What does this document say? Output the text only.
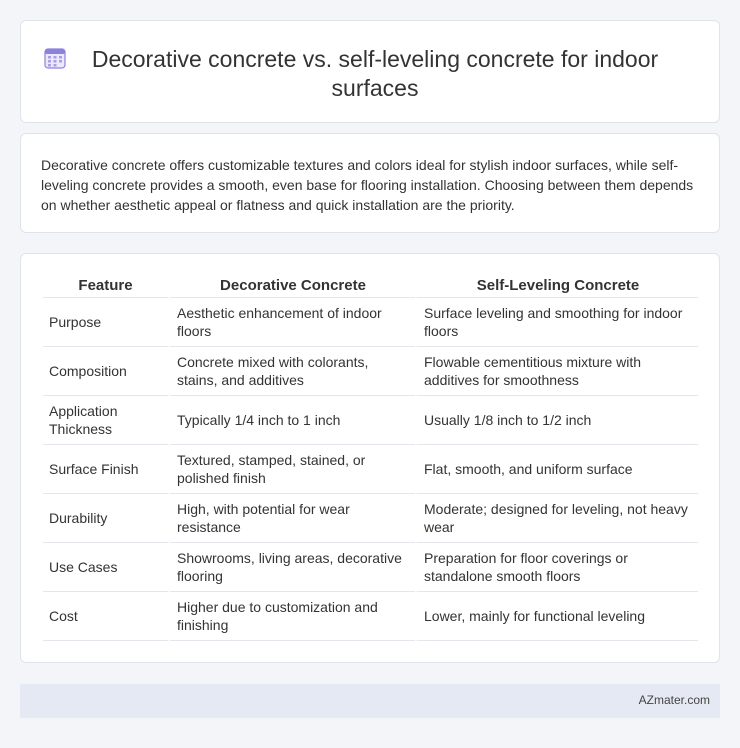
Decorative concrete vs. self-leveling concrete for indoor surfaces

Decorative concrete offers customizable textures and colors ideal for stylish indoor surfaces, while self-leveling concrete provides a smooth, even base for flooring installation. Choosing between them depends on whether aesthetic appeal or flatness and quick installation are the priority.

Feature	Decorative Concrete	Self-Leveling Concrete
Purpose	Aesthetic enhancement of indoor floors	Surface leveling and smoothing for indoor floors
Composition	Concrete mixed with colorants, stains, and additives	Flowable cementitious mixture with additives for smoothness
Application Thickness	Typically 1/4 inch to 1 inch	Usually 1/8 inch to 1/2 inch
Surface Finish	Textured, stamped, stained, or polished finish	Flat, smooth, and uniform surface
Durability	High, with potential for wear resistance	Moderate; designed for leveling, not heavy wear
Use Cases	Showrooms, living areas, decorative flooring	Preparation for floor coverings or standalone smooth floors
Cost	Higher due to customization and finishing	Lower, mainly for functional leveling
AZmater.com
